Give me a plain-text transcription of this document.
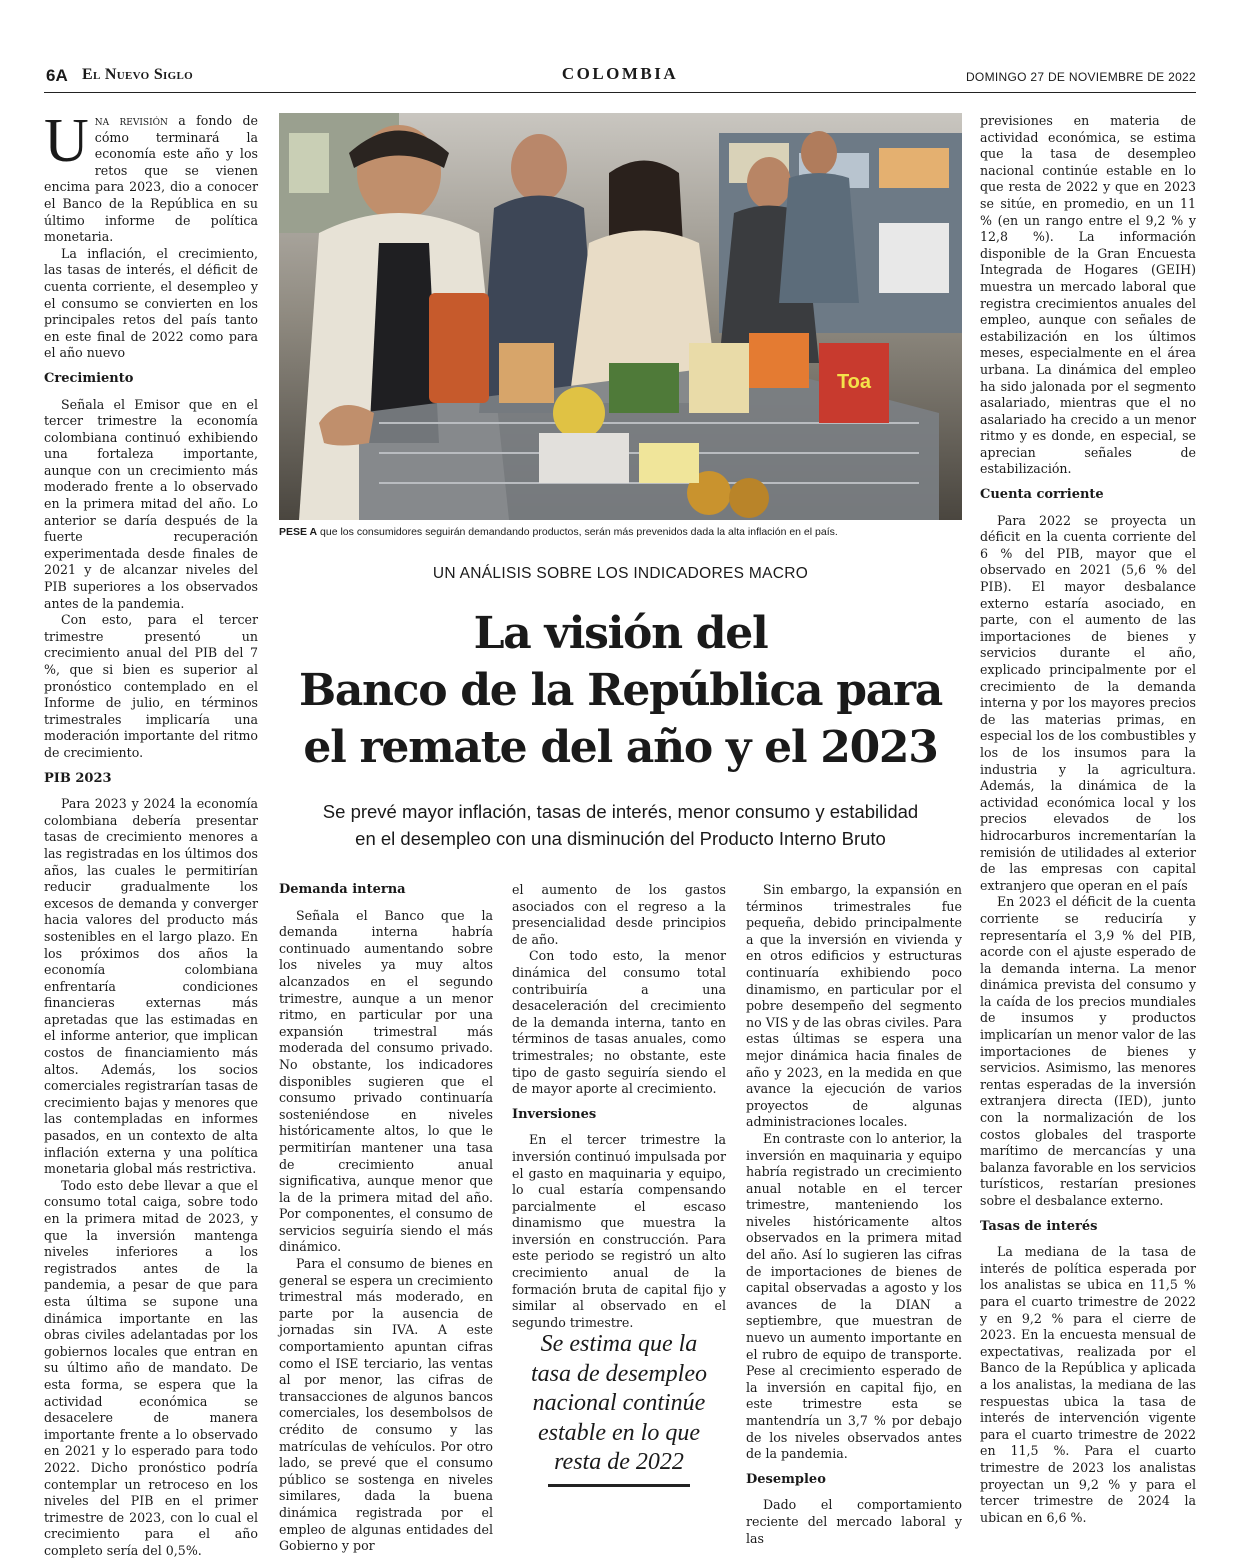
6A El Nuevo Siglo	COLOMBIA	DOMINGO 27 DE NOVIEMBRE DE 2022

Una revisión a fondo de cómo terminará la economía este año y los retos que se vienen encima para 2023, dio a conocer el Banco de la República en su último informe de política monetaria.

La inflación, el crecimiento, las tasas de interés, el déficit de cuenta corriente, el desempleo y el consumo se convierten en los principales retos del país tanto en este final de 2022 como para el año nuevo

Crecimiento

Señala el Emisor que en el tercer trimestre la economía colombiana continuó exhibiendo una fortaleza importante, aunque con un crecimiento más moderado frente a lo observado en la primera mitad del año. Lo anterior se daría después de la fuerte recuperación experimentada desde finales de 2021 y de alcanzar niveles del PIB superiores a los observados antes de la pandemia.

Con esto, para el tercer trimestre presentó un crecimiento anual del PIB del 7 %, que si bien es superior al pronóstico contemplado en el Informe de julio, en términos trimestrales implicaría una moderación importante del ritmo de crecimiento.

PIB 2023

Para 2023 y 2024 la economía colombiana debería presentar tasas de crecimiento menores a las registradas en los últimos dos años, las cuales le permitirían reducir gradualmente los excesos de demanda y converger hacia valores del producto más sostenibles en el largo plazo. En los próximos dos años la economía colombiana enfrentaría condiciones financieras externas más apretadas que las estimadas en el informe anterior, que implican costos de financiamiento más altos. Además, los socios comerciales registrarían tasas de crecimiento bajas y menores que las contempladas en informes pasados, en un contexto de alta inflación externa y una política monetaria global más restrictiva.

Todo esto debe llevar a que el consumo total caiga, sobre todo en la primera mitad de 2023, y que la inversión mantenga niveles inferiores a los registrados antes de la pandemia, a pesar de que para esta última se supone una dinámica importante en las obras civiles adelantadas por los gobiernos locales que entran en su último año de mandato. De esta forma, se espera que la actividad económica se desacelere de manera importante frente a lo observado en 2021 y lo esperado para todo 2022. Dicho pronóstico podría contemplar un retroceso en los niveles del PIB en el primer trimestre de 2023, con lo cual el crecimiento para el año completo sería del 0,5%.

Toa
PESE A que los consumidores seguirán demandando productos, serán más prevenidos dada la alta inflación en el país.
UN ANÁLISIS SOBRE LOS INDICADORES MACRO
La visión del
Banco de la República para
el remate del año y el 2023
Se prevé mayor inflación, tasas de interés, menor consumo y estabilidad
en el desempleo con una disminución del Producto Interno Bruto
Demanda interna

Señala el Banco que la demanda interna habría continuado aumentando sobre los niveles ya muy altos alcanzados en el segundo trimestre, aunque a un menor ritmo, en particular por una expansión trimestral más moderada del consumo privado. No obstante, los indicadores disponibles sugieren que el consumo privado continuaría sosteniéndose en niveles históricamente altos, lo que le permitirían mantener una tasa de crecimiento anual significativa, aunque menor que la de la primera mitad del año. Por componentes, el consumo de servicios seguiría siendo el más dinámico.

Para el consumo de bienes en general se espera un crecimiento trimestral más moderado, en parte por la ausencia de jornadas sin IVA. A este comportamiento apuntan cifras como el ISE terciario, las ventas al por menor, las cifras de transacciones de algunos bancos comerciales, los desembolsos de crédito de consumo y las matrículas de vehículos. Por otro lado, se prevé que el consumo público se sostenga en niveles similares, dada la buena dinámica registrada por el empleo de algunas entidades del Gobierno y por

el aumento de los gastos asociados con el regreso a la presencialidad desde principios de año.

Con todo esto, la menor dinámica del consumo total contribuiría a una desaceleración del crecimiento de la demanda interna, tanto en términos de tasas anuales, como trimestrales; no obstante, este tipo de gasto seguiría siendo el de mayor aporte al crecimiento.

Inversiones

En el tercer trimestre la inversión continuó impulsada por el gasto en maquinaria y equipo, lo cual estaría compensando parcialmente el escaso dinamismo que muestra la inversión en construcción. Para este periodo se registró un alto crecimiento anual de la formación bruta de capital fijo y similar al observado en el segundo trimestre.

Se estima que la tasa de desempleo nacional continúe estable en lo que resta de 2022

Sin embargo, la expansión en términos trimestrales fue pequeña, debido principalmente a que la inversión en vivienda y en otros edificios y estructuras continuaría exhibiendo poco dinamismo, en particular por el pobre desempeño del segmento no VIS y de las obras civiles. Para estas últimas se espera una mejor dinámica hacia finales de año y 2023, en la medida en que avance la ejecución de varios proyectos de algunas administraciones locales.

En contraste con lo anterior, la inversión en maquinaria y equipo habría registrado un crecimiento anual notable en el tercer trimestre, manteniendo los niveles históricamente altos observados en la primera mitad del año. Así lo sugieren las cifras de importaciones de bienes de capital observadas a agosto y los avances de la DIAN a septiembre, que muestran de nuevo un aumento importante en el rubro de equipo de transporte. Pese al crecimiento esperado de la inversión en capital fijo, en este trimestre esta se mantendría un 3,7 % por debajo de los niveles observados antes de la pandemia.

Desempleo

Dado el comportamiento reciente del mercado laboral y las

previsiones en materia de actividad económica, se estima que la tasa de desempleo nacional continúe estable en lo que resta de 2022 y que en 2023 se sitúe, en promedio, en un 11 % (en un rango entre el 9,2 % y 12,8 %). La información disponible de la Gran Encuesta Integrada de Hogares (GEIH) muestra un mercado laboral que registra crecimientos anuales del empleo, aunque con señales de estabilización en los últimos meses, especialmente en el área urbana. La dinámica del empleo ha sido jalonada por el segmento asalariado, mientras que el no asalariado ha crecido a un menor ritmo y es donde, en especial, se aprecian señales de estabilización.

Cuenta corriente

Para 2022 se proyecta un déficit en la cuenta corriente del 6 % del PIB, mayor que el observado en 2021 (5,6 % del PIB). El mayor desbalance externo estaría asociado, en parte, con el aumento de las importaciones de bienes y servicios durante el año, explicado principalmente por el crecimiento de la demanda interna y por los mayores precios de las materias primas, en especial los de los combustibles y los de los insumos para la industria y la agricultura. Además, la dinámica de la actividad económica local y los precios elevados de los hidrocarburos incrementarían la remisión de utilidades al exterior de las empresas con capital extranjero que operan en el país

En 2023 el déficit de la cuenta corriente se reduciría y representaría el 3,9 % del PIB, acorde con el ajuste esperado de la demanda interna. La menor dinámica prevista del consumo y la caída de los precios mundiales de insumos y productos implicarían un menor valor de las importaciones de bienes y servicios. Asimismo, las menores rentas esperadas de la inversión extranjera directa (IED), junto con la normalización de los costos globales del trasporte marítimo de mercancías y una balanza favorable en los servicios turísticos, restarían presiones sobre el desbalance externo.

Tasas de interés

La mediana de la tasa de interés de política esperada por los analistas se ubica en 11,5 % para el cuarto trimestre de 2022 y en 9,2 % para el cierre de 2023. En la encuesta mensual de expectativas, realizada por el Banco de la República y aplicada a los analistas, la mediana de las respuestas ubica la tasa de interés de intervención vigente para el cuarto trimestre de 2022 en 11,5 %. Para el cuarto trimestre de 2023 los analistas proyectan un 9,2 % y para el tercer trimestre de 2024 la ubican en 6,6 %.
